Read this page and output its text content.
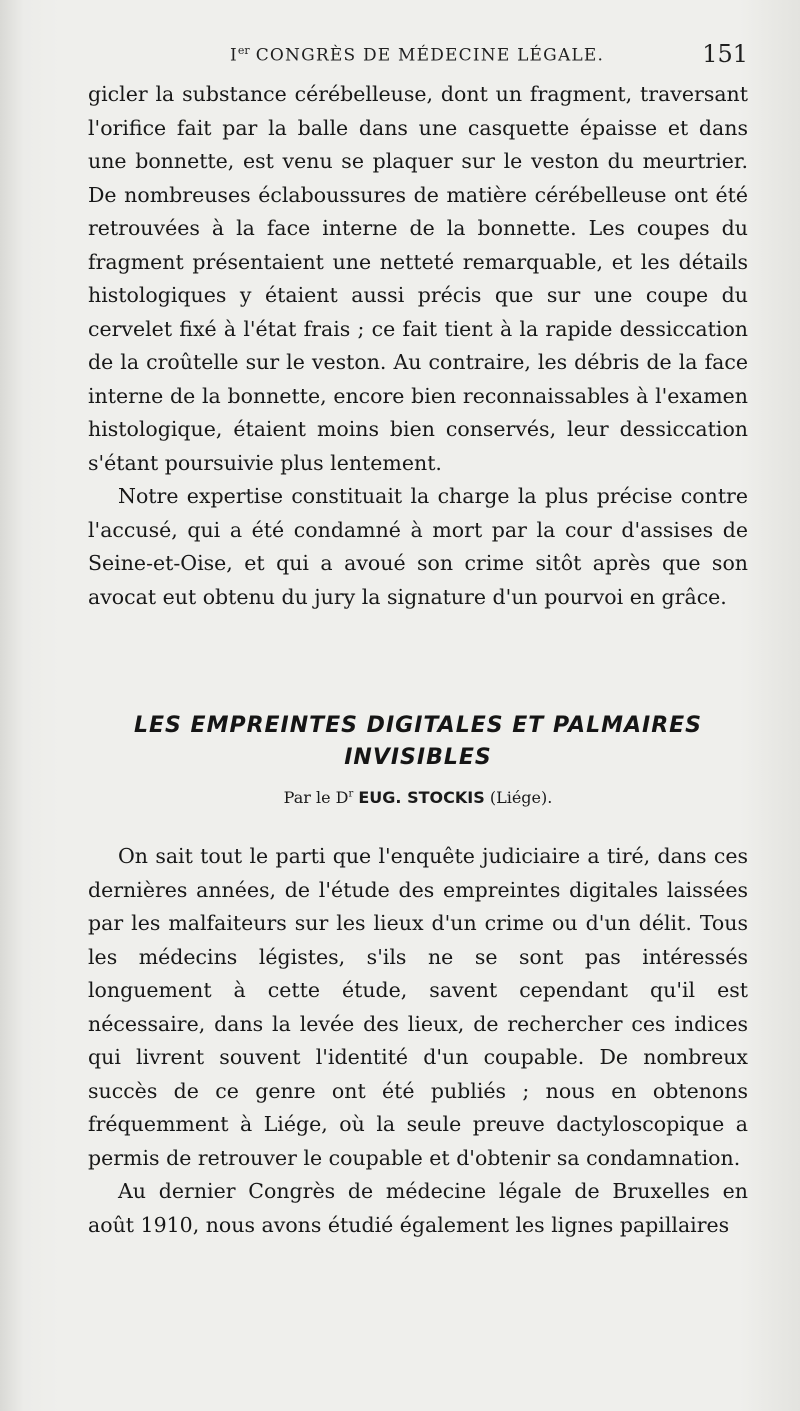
Ier CONGRÈS DE MÉDECINE LÉGALE.	151

gicler la substance cérébelleuse, dont un fragment, traversant l'orifice fait par la balle dans une casquette épaisse et dans une bonnette, est venu se plaquer sur le veston du meurtrier. De nombreuses éclaboussures de matière cérébelleuse ont été retrouvées à la face interne de la bonnette. Les coupes du fragment présentaient une netteté remarquable, et les détails histologiques y étaient aussi précis que sur une coupe du cervelet fixé à l'état frais ; ce fait tient à la rapide dessiccation de la croûtelle sur le veston. Au contraire, les débris de la face interne de la bonnette, encore bien reconnaissables à l'examen histologique, étaient moins bien conservés, leur dessiccation s'étant poursuivie plus lentement.

Notre expertise constituait la charge la plus précise contre l'accusé, qui a été condamné à mort par la cour d'assises de Seine-et-Oise, et qui a avoué son crime sitôt après que son avocat eut obtenu du jury la signature d'un pourvoi en grâce.

LES EMPREINTES DIGITALES ET PALMAIRES
INVISIBLES
Par le $D^r$ EUG. STOCKIS (Liége).

On sait tout le parti que l'enquête judiciaire a tiré, dans ces dernières années, de l'étude des empreintes digitales laissées par les malfaiteurs sur les lieux d'un crime ou d'un délit. Tous les médecins légistes, s'ils ne se sont pas intéressés longuement à cette étude, savent cependant qu'il est nécessaire, dans la levée des lieux, de rechercher ces indices qui livrent souvent l'identité d'un coupable. De nombreux succès de ce genre ont été publiés ; nous en obtenons fréquemment à Liége, où la seule preuve dactyloscopique a permis de retrouver le coupable et d'obtenir sa condamnation.

Au dernier Congrès de médecine légale de Bruxelles en août 1910, nous avons étudié également les lignes papillaires
